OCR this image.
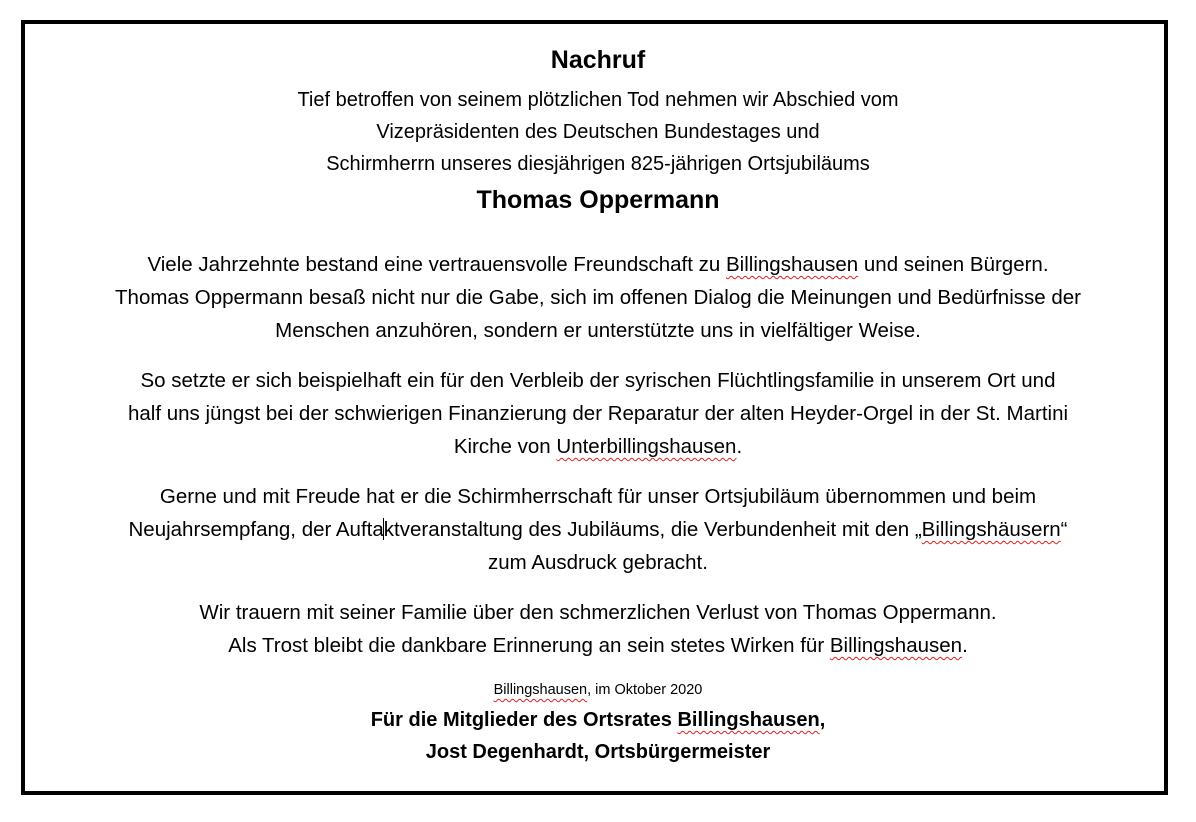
Nachruf
Tief betroffen von seinem plötzlichen Tod nehmen wir Abschied vom
Vizepräsidenten des Deutschen Bundestages und
Schirmherrn unseres diesjährigen 825-jährigen Ortsjubiläums
Thomas Oppermann
Viele Jahrzehnte bestand eine vertrauensvolle Freundschaft zu Billingshausen und seinen Bürgern.
Thomas Oppermann besaß nicht nur die Gabe, sich im offenen Dialog die Meinungen und Bedürfnisse der
Menschen anzuhören, sondern er unterstützte uns in vielfältiger Weise.
So setzte er sich beispielhaft ein für den Verbleib der syrischen Flüchtlingsfamilie in unserem Ort und
half uns jüngst bei der schwierigen Finanzierung der Reparatur der alten Heyder-Orgel in der St. Martini
Kirche von Unterbillingshausen.
Gerne und mit Freude hat er die Schirmherrschaft für unser Ortsjubiläum übernommen und beim
Neujahrsempfang, der Auftaktveranstaltung des Jubiläums, die Verbundenheit mit den „Billingshäusern“
zum Ausdruck gebracht.
Wir trauern mit seiner Familie über den schmerzlichen Verlust von Thomas Oppermann.
Als Trost bleibt die dankbare Erinnerung an sein stetes Wirken für Billingshausen.
Billingshausen, im Oktober 2020
Für die Mitglieder des Ortsrates Billingshausen,
Jost Degenhardt, Ortsbürgermeister
